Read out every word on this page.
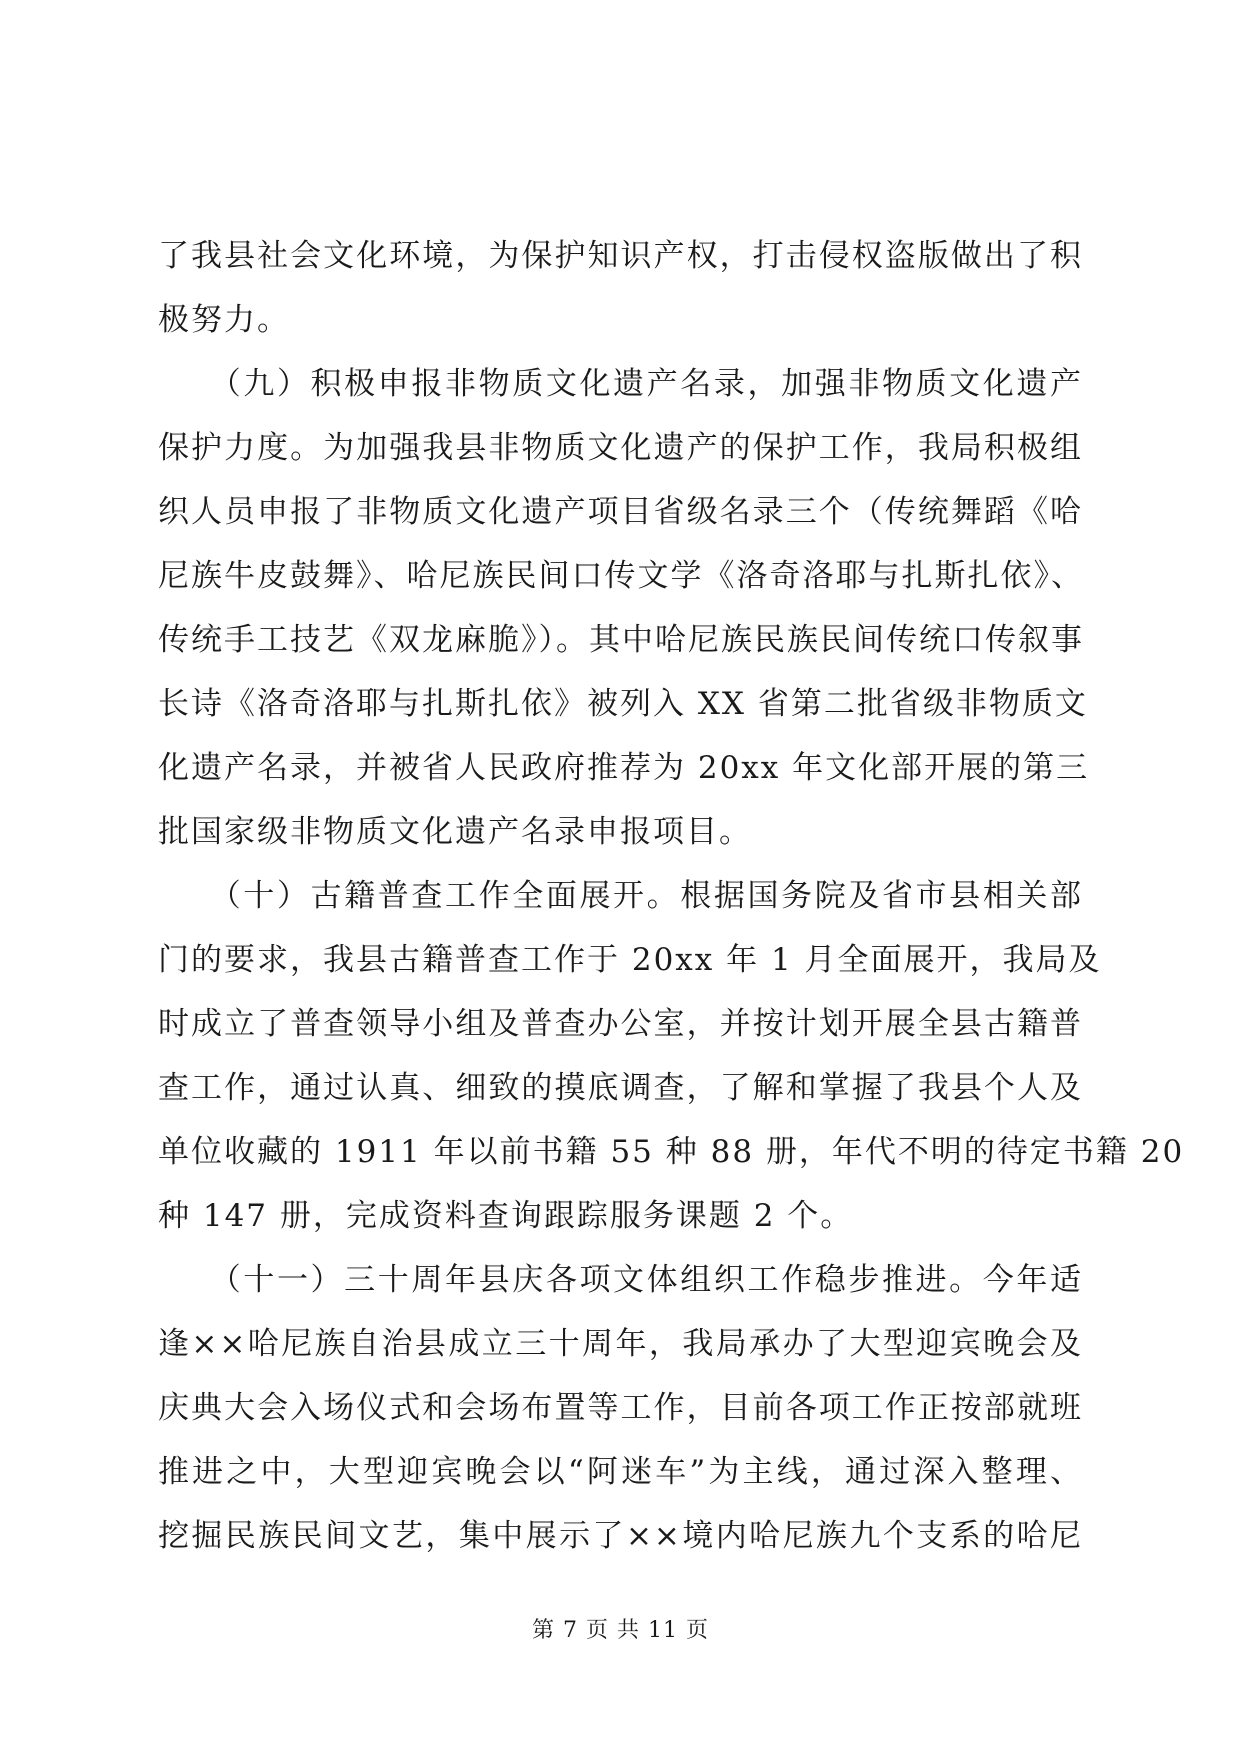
了我县社会文化环境，为保护知识产权，打击侵权盗版做出了积
极努力。
　　（九）积极申报非物质文化遗产名录，加强非物质文化遗产
保护力度。为加强我县非物质文化遗产的保护工作，我局积极组
织人员申报了非物质文化遗产项目省级名录三个（传统舞蹈《哈
尼族牛皮鼓舞》、哈尼族民间口传文学《洛奇洛耶与扎斯扎依》、
传统手工技艺《双龙麻脆》）。其中哈尼族民族民间传统口传叙事
长诗《洛奇洛耶与扎斯扎依》被列入 XX 省第二批省级非物质文
化遗产名录，并被省人民政府推荐为 20xx 年文化部开展的第三
批国家级非物质文化遗产名录申报项目。
　　（十）古籍普查工作全面展开。根据国务院及省市县相关部
门的要求，我县古籍普查工作于 20xx 年 1 月全面展开，我局及
时成立了普查领导小组及普查办公室，并按计划开展全县古籍普
查工作，通过认真、细致的摸底调查，了解和掌握了我县个人及
单位收藏的 1911 年以前书籍 55 种 88 册，年代不明的待定书籍 20
种 147 册，完成资料查询跟踪服务课题 2 个。
　　（十一）三十周年县庆各项文体组织工作稳步推进。今年适
逢××哈尼族自治县成立三十周年，我局承办了大型迎宾晚会及
庆典大会入场仪式和会场布置等工作，目前各项工作正按部就班
推进之中，大型迎宾晚会以“阿迷车”为主线，通过深入整理、
挖掘民族民间文艺，集中展示了××境内哈尼族九个支系的哈尼
第 7 页 共 11 页
